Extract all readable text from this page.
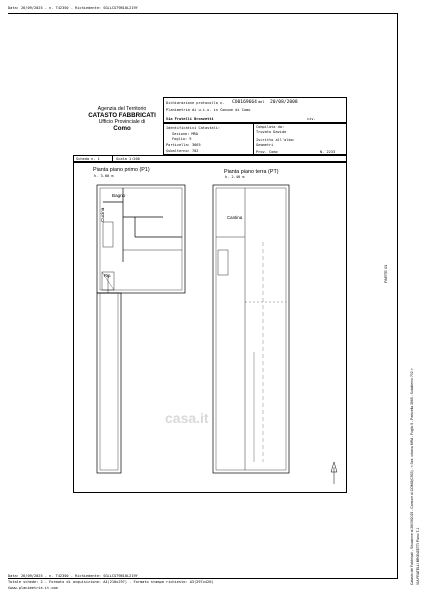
Data: 26/09/2025 - n. T42350 - Richiedente: SGLLCG79B10L219Y
Catasto dei Fabbricati - Situazione al 26/09/2025 - Comune di COMO(C933) - < Sez. urbana MRA - Foglio 9 - Particella 3665 - Subalterno 702 > VIA FRATELLI BRONZETTI Piano T-1
PARTE 01
Agenzia del Territorio
CATASTO FABBRICATI
Ufficio Provinciale di
Como
Dichiarazione protocollo n. CO0169664 del 20/08/2008
Planimetria di u.i.u. in Comune di Como
Via Fratelli Bronzetti	civ.
Identificativi Catastali:
Sezione: MRA
Foglio: 9
Particella: 3665
Subalterno: 702
Compilata da:
Trovato Davide
Iscritto all'albo:
Geometri
Prov. Como	N. 2233
Scheda n. 1	Scala 1:200
Pianta piano primo (P1)
h. 3.00 m
Pianta piano terra (PT)
h. 2.40 m
Bagno
Cucina
Rip.
Cantina
casa.it
Data: 26/09/2025 - n. T42350 - Richiedente: SGLLCG79B10L219Y
Totale schede: 2 - Formato di acquisizione: A4(210x297) - Formato stampa richiesto: A3(297x420)
©www.planimetrie.it.com
